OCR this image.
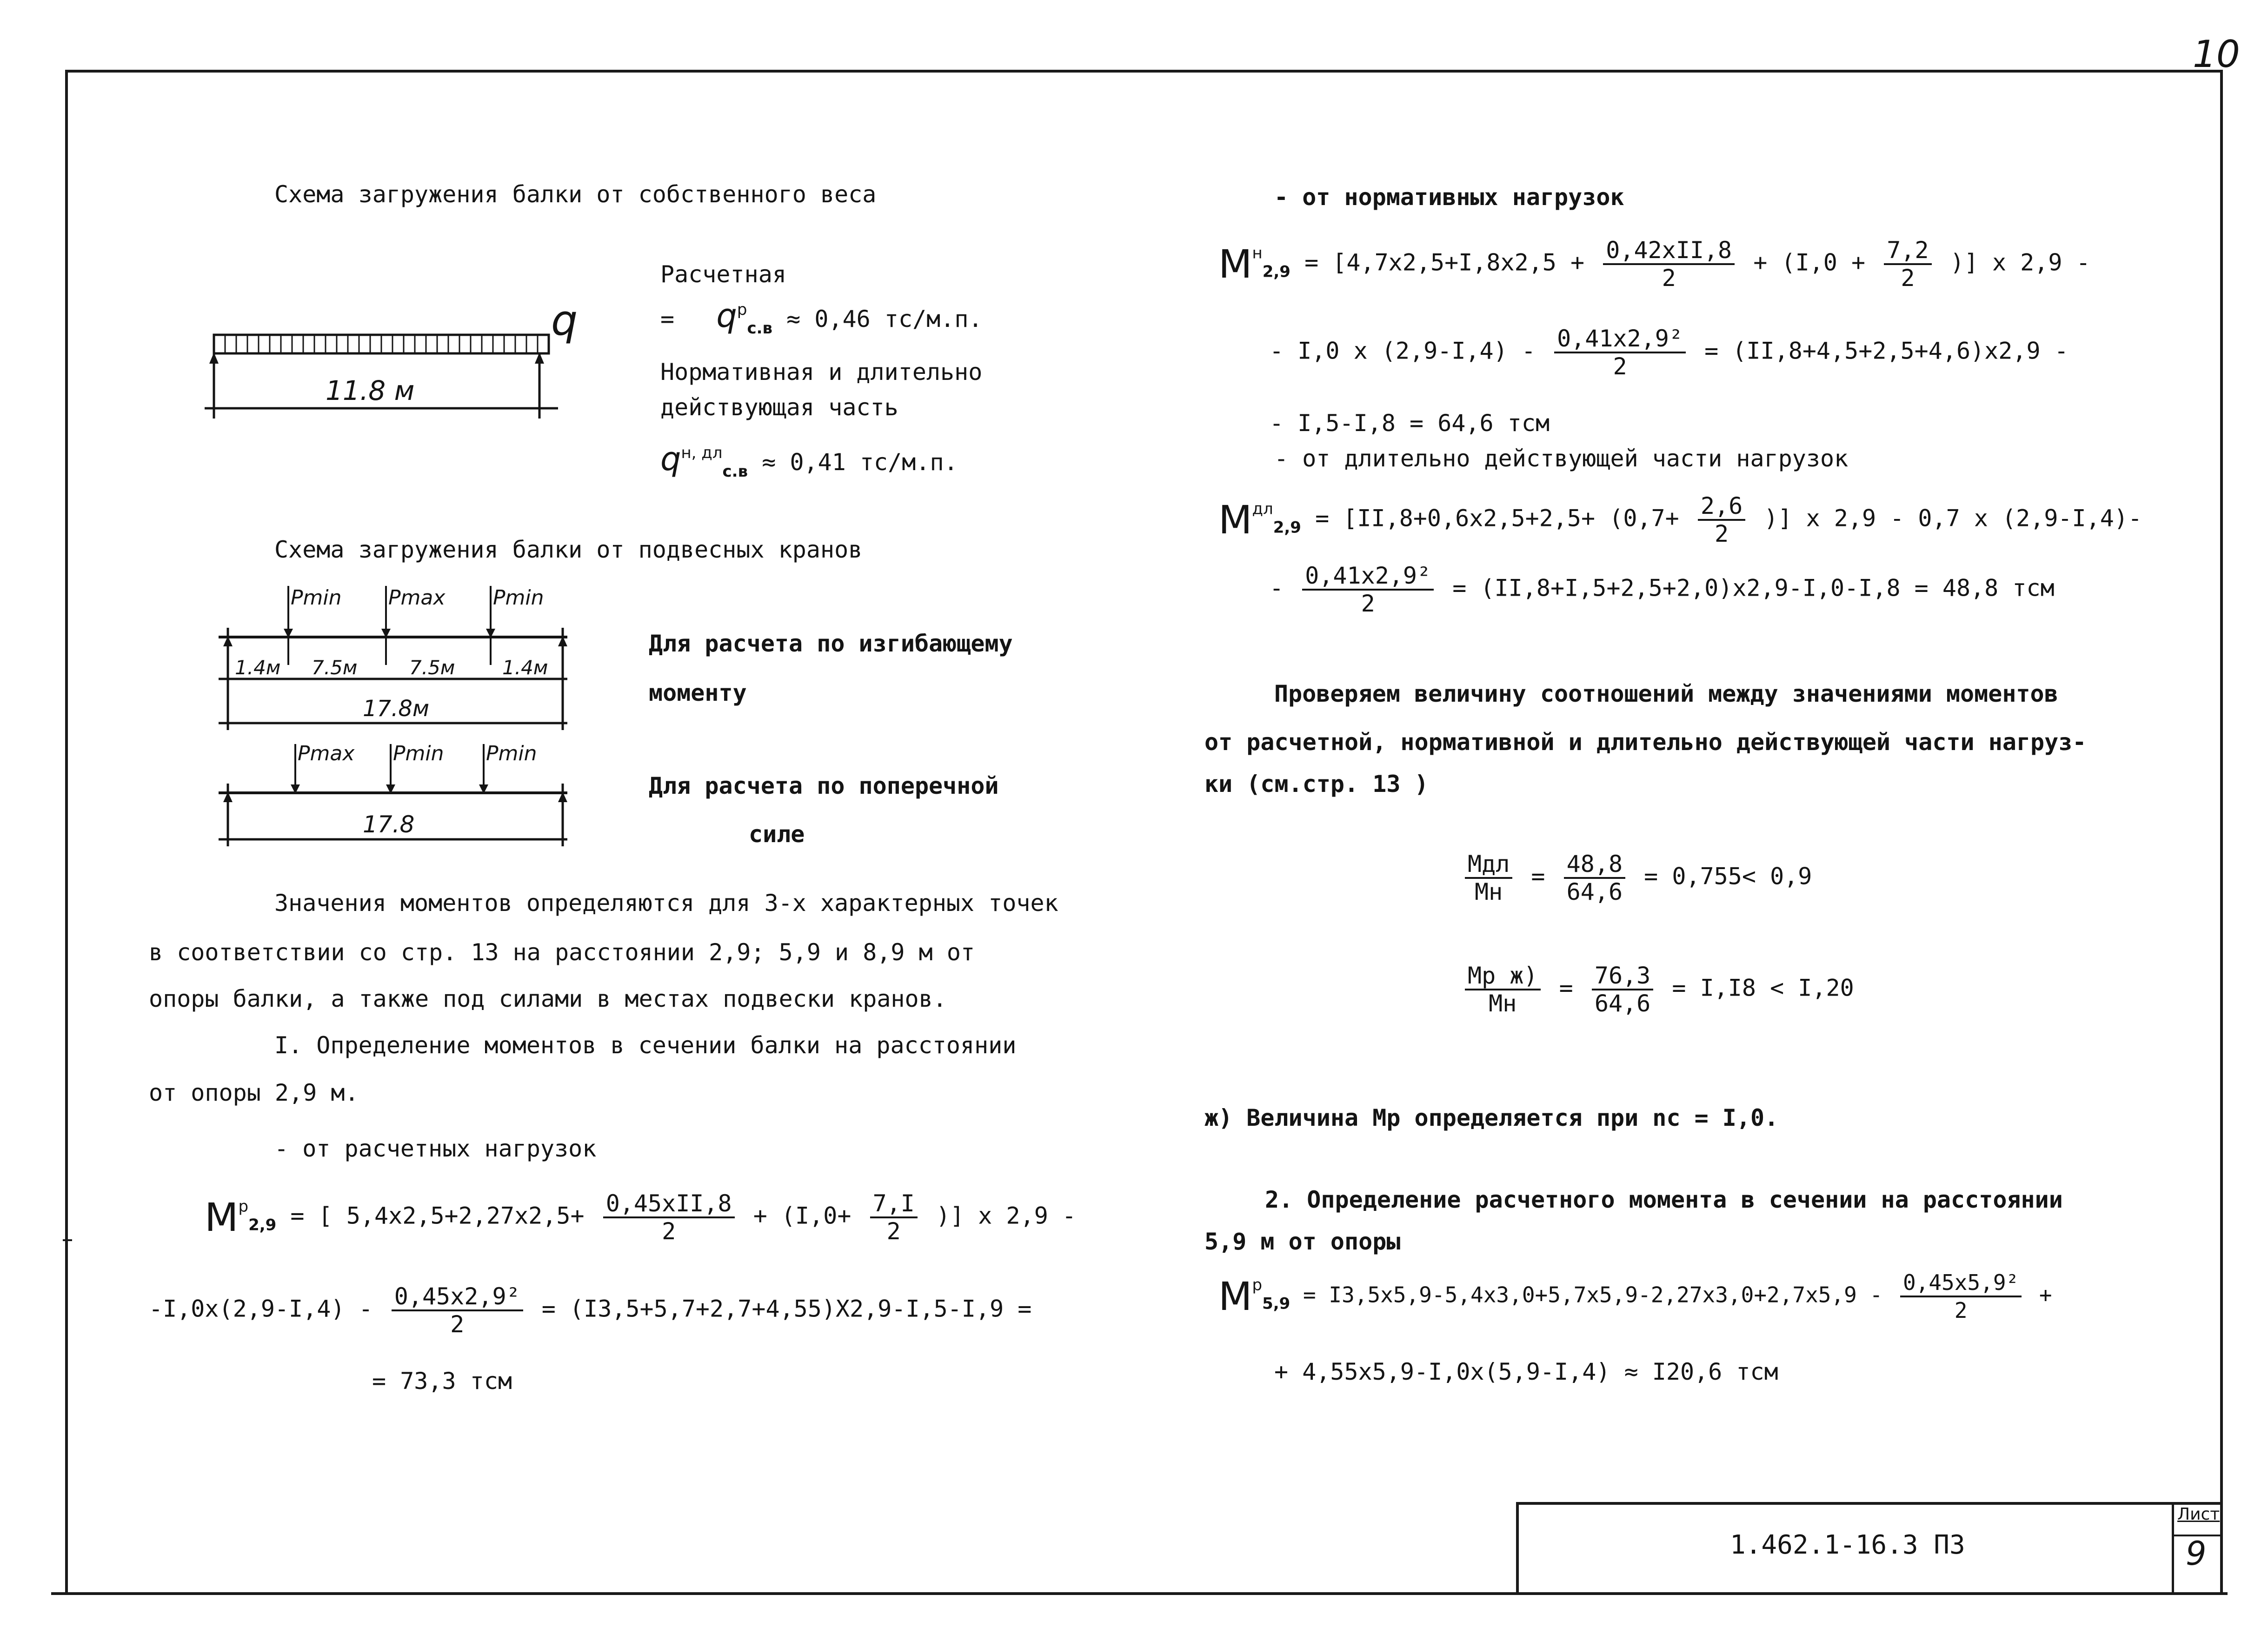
1.462.1-16.3 ПЗ
Лист
9
10
Схема загружения балки от собственного веса
11.8 м
q
Расчетная
= $q^р_{с.в} \approx 0,46$ тс/м.п.
Нормативная и длительно
действующая часть
$q^{н, дл}_{с.в} \approx 0,41$ тс/м.п.
Схема загружения балки от подвесных кранов
Pmin Pmax Pmin
1.4м 7.5м	7.5м 1.4м
17.8м
Для расчета по изгибающему
моменту
Pmax Pmin Pmin
17.8
Для расчета по поперечной
силе
Значения моментов определяются для 3-х характерных точек
в соответствии со стр. 13 на расстоянии 2,9; 5,9 и 8,9 м от
опоры балки, а также под силами в местах подвески кранов.
I. Определение моментов в сечении балки на расстоянии
от опоры 2,9 м.
- от расчетных нагрузок
$M^р_{2,9}$ = [ $5,4x2,5+2,27x2,5+ \frac{\text{0,45xII,8}}{2} + (I,0+ \frac{7,I}{2}$ )] x 2,9 -
$-I,0x(2,9-I,4) - \frac{\text{0,45x2,9²}}{2} = (I3,5+5,7+2,7+4,55)X2,9-I,5-I,9$ =
= 73,3 тсм
- от нормативных нагрузок
$M^н_{2,9} = [4,7x2,5+I,8x2,5 + \frac{\text{0,42xII,8}}{2} + (I,0 + \frac{7,2}{2}$ )] x 2,9 -
- I,0 x $(2,9-I,4) - \frac{\text{0,41x2,9²}}{2} = (II,8+4,5+2,5+4,6)x2,9$ -
- I,5-I,8 = 64,6 тсм
- от длительно действующей части нагрузок
$M^{дл}_{2,9} = [II,8+0,6x2,5+2,5+ (0,7+ \frac{2,6}{2}$ )] x 2,9 - 0,7 x (2,9-I,4)-
- $\frac{\text{0,41x2,9²}}{2} = (II,8+I,5+2,5+2,0)x2,9-I,0-I,8 = 48,8$ тсм
Проверяем величину соотношений между значениями моментов
от расчетной, нормативной и длительно действующей части нагруз-
ки (см.стр. 13 )
$\frac{\text{Mдл}}{Mн} = \frac{48,8}{64,6} = 0,755< 0,9$
$\frac{\text{Mр ж)}}{Mн} = \frac{76,3}{64,6} = I,I8 < I,20$
ж) Величина Mр определяется при nс = I,0.
2. Определение расчетного момента в сечении на расстоянии
5,9 м от опоры
$M^р_{5,9} = I3,5x5,9-5,4x3,0+5,7x5,9-2,27x3,0+2,7x5,9 - \frac{\text{0,45x5,9²}}{2}$ +
+ 4,55x5,9-I,0x(5,9-I,4) ≈ I20,6 тсм
